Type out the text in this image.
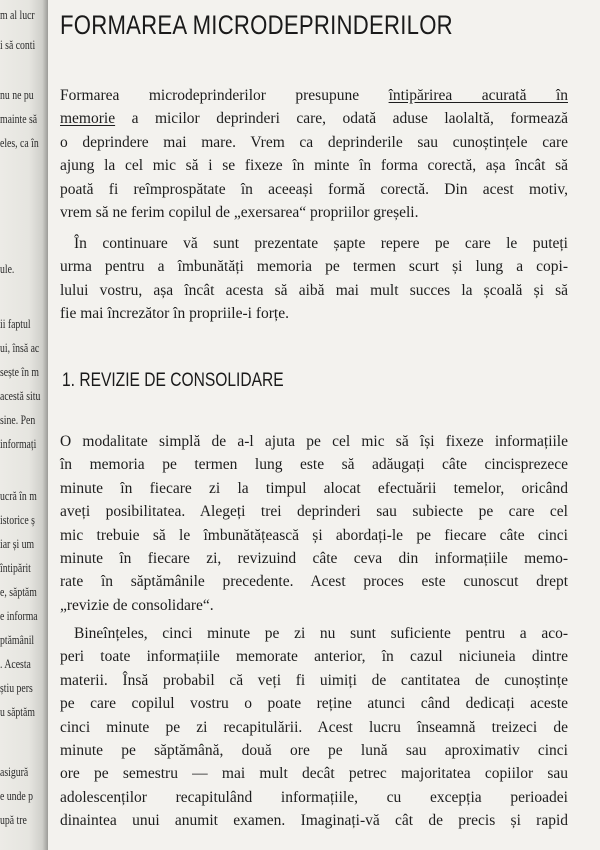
m al lucr
i să conti
nu ne pu
mainte să
eles, ca în
ule.
ii faptul
ui, însă ac
sește în m
acestă situ
sine. Pen
informați
ucră în m
istorice ș
iar și um
întipărit
e, săptăm
e informa
ptămânil
. Acesta
știu pers
u săptăm
asigură
e unde p
upă tre
FORMAREA MICRODEPRINDERILOR
Formarea microdeprinderilor presupune întipărirea acurată în
memorie a micilor deprinderi care, odată aduse laolaltă, formează
o deprindere mai mare. Vrem ca deprinderile sau cunoștințele care
ajung la cel mic să i se fixeze în minte în forma corectă, așa încât să
poată fi reîmprospătate în aceeași formă corectă. Din acest motiv,
vrem să ne ferim copilul de „exersarea“ propriilor greșeli.
În continuare vă sunt prezentate șapte repere pe care le puteți
urma pentru a îmbunătăți memoria pe termen scurt și lung a copi-
lului vostru, așa încât acesta să aibă mai mult succes la școală și să
fie mai încrezător în propriile-i forțe.
1. REVIZIE DE CONSOLIDARE
O modalitate simplă de a-l ajuta pe cel mic să își fixeze informațiile
în memoria pe termen lung este să adăugați câte cincisprezece
minute în fiecare zi la timpul alocat efectuării temelor, oricând
aveți posibilitatea. Alegeți trei deprinderi sau subiecte pe care cel
mic trebuie să le îmbunătățească și abordați-le pe fiecare câte cinci
minute în fiecare zi, revizuind câte ceva din informațiile memo-
rate în săptămânile precedente. Acest proces este cunoscut drept
„revizie de consolidare“.
Bineînțeles, cinci minute pe zi nu sunt suficiente pentru a aco-
peri toate informațiile memorate anterior, în cazul niciuneia dintre
materii. Însă probabil că veți fi uimiți de cantitatea de cunoștințe
pe care copilul vostru o poate reține atunci când dedicați aceste
cinci minute pe zi recapitulării. Acest lucru înseamnă treizeci de
minute pe săptămână, două ore pe lună sau aproximativ cinci
ore pe semestru — mai mult decât petrec majoritatea copiilor sau
adolescenților recapitulând informațiile, cu excepția perioadei
dinaintea unui anumit examen. Imaginați-vă cât de precis și rapid
